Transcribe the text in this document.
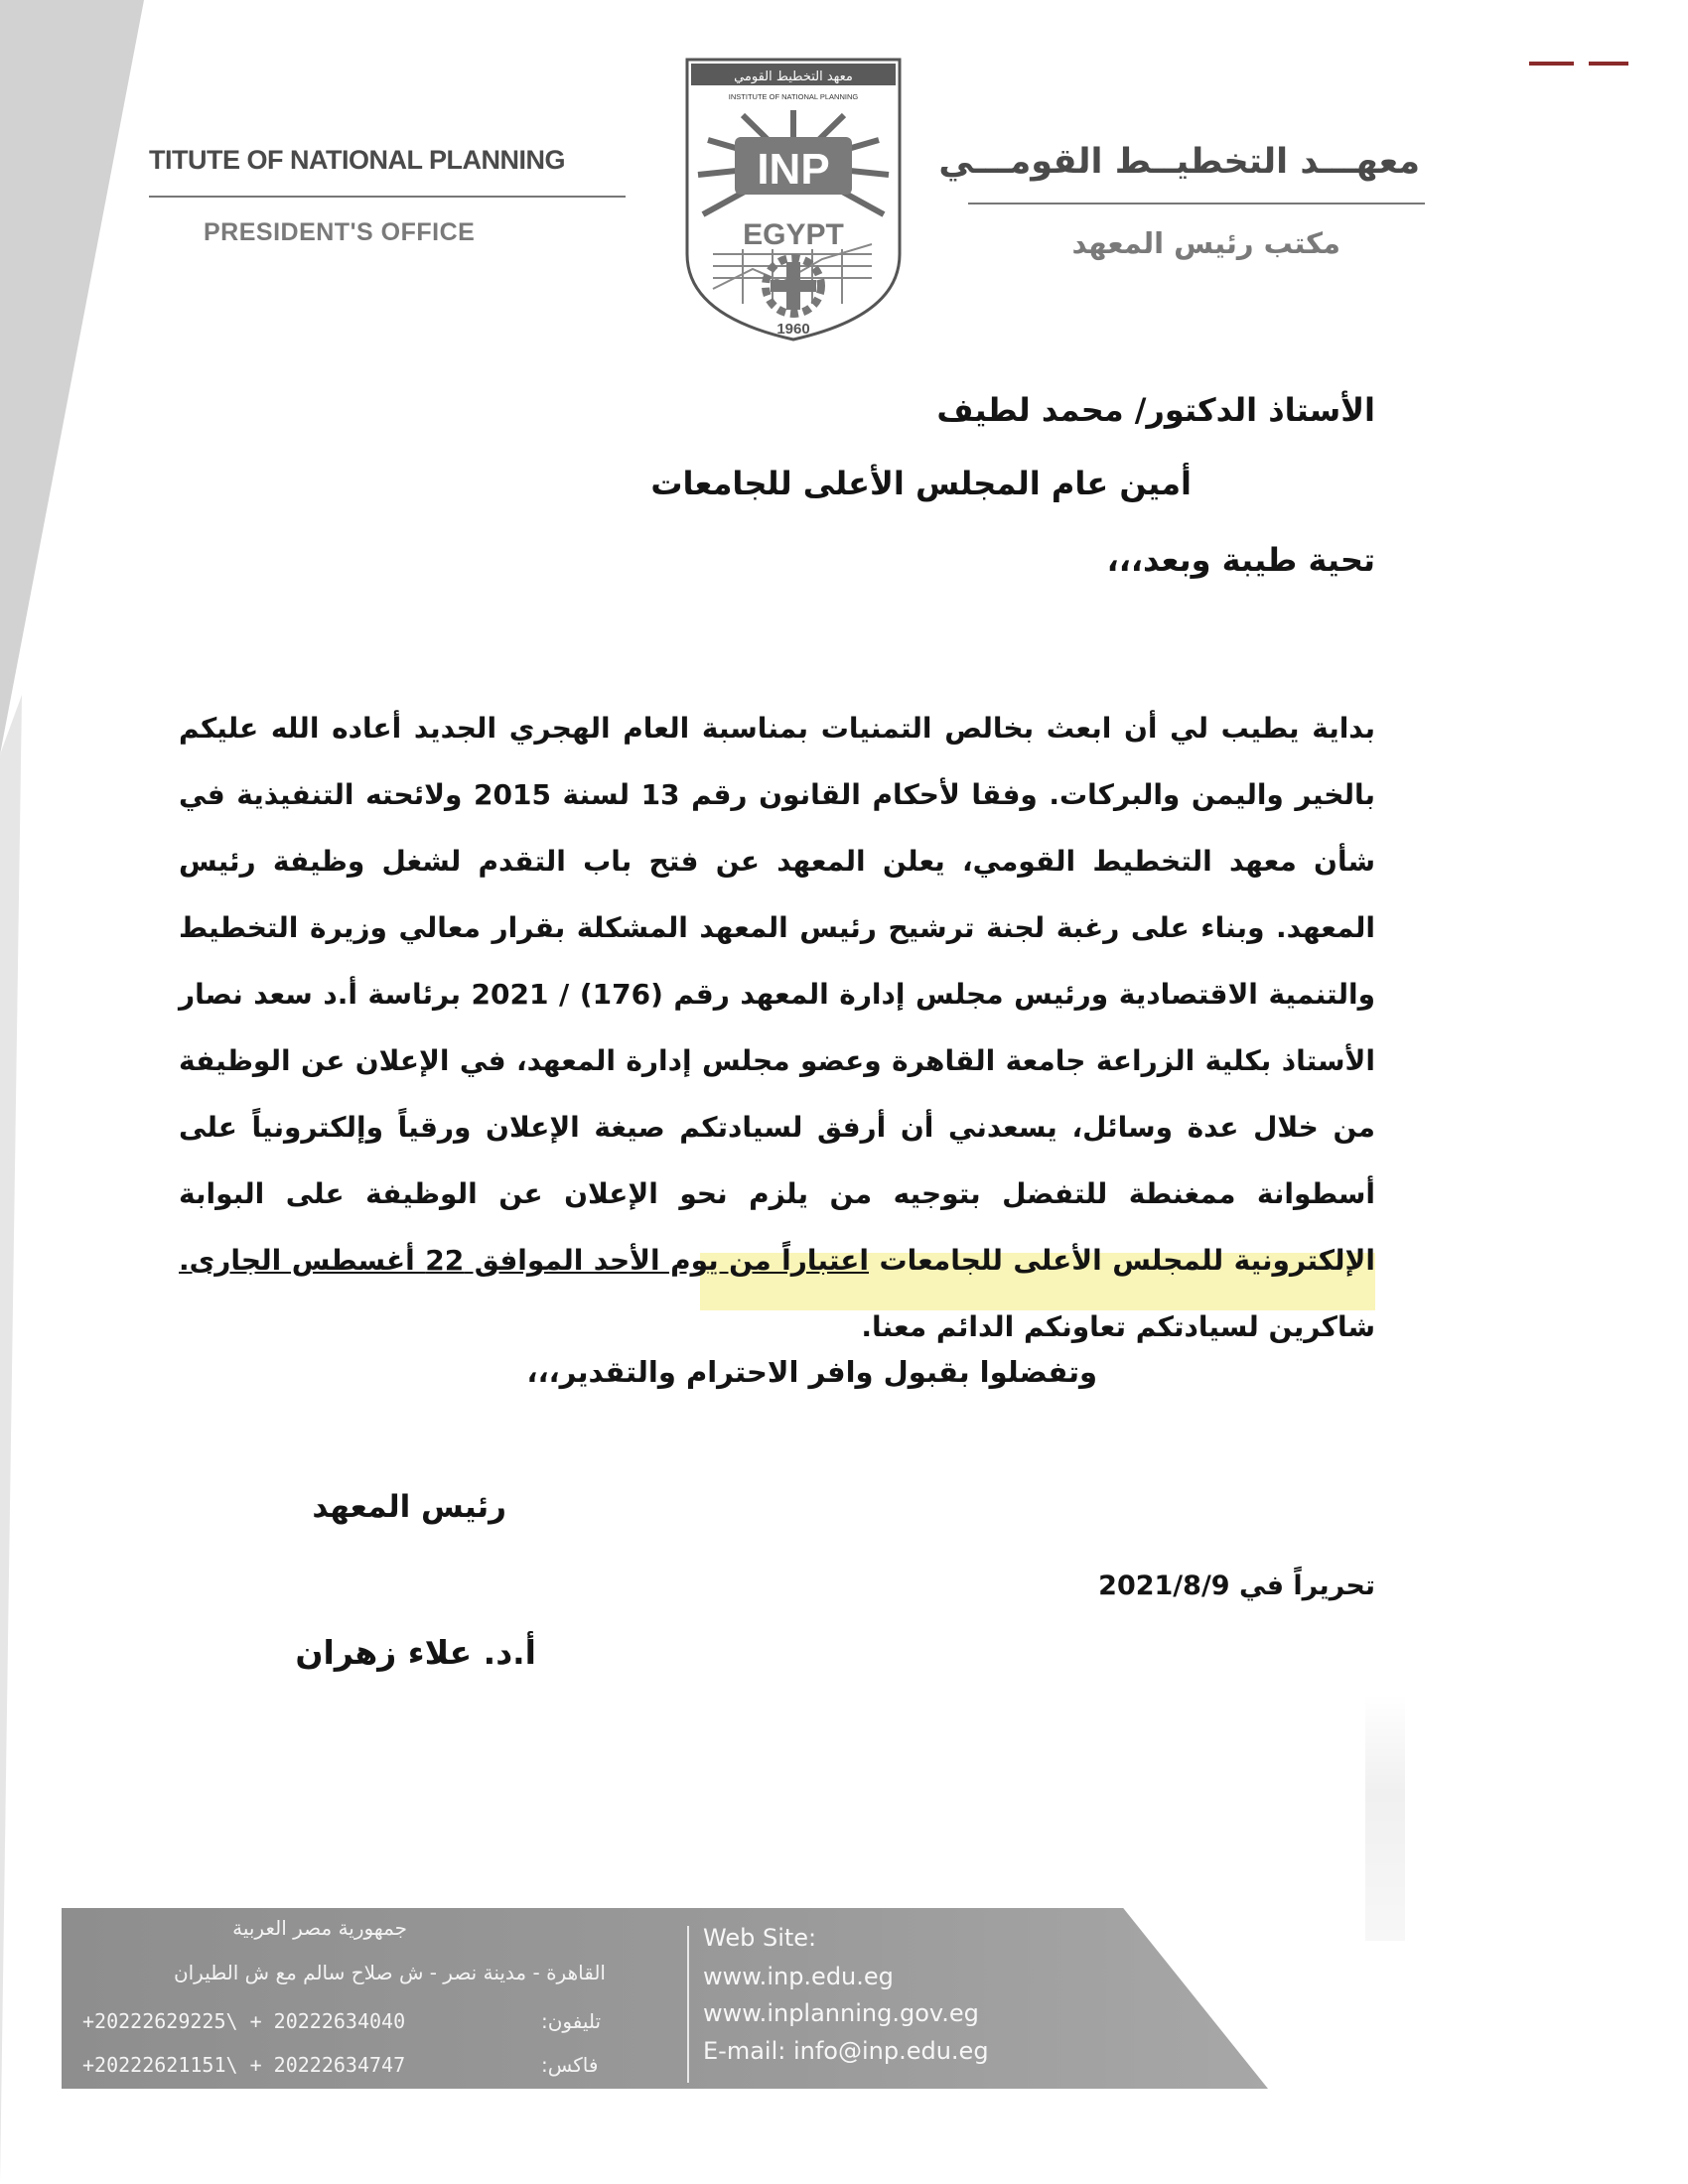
TITUTE OF NATIONAL PLANNING
PRESIDENT'S OFFICE
معهـــد التخطيــط القومـــي
مكتب رئيس المعهد
معهد التخطيط القومي
INSTITUTE OF NATIONAL PLANNING
INP
EGYPT
1960
الأستاذ الدكتور/ محمد لطيف
أمين عام المجلس الأعلى للجامعات
تحية طيبة وبعد،،،
بداية يطيب لي أن ابعث بخالص التمنيات بمناسبة العام الهجري الجديد أعاده الله عليكم بالخير واليمن والبركات. وفقا لأحكام القانون رقم 13 لسنة 2015 ولائحته التنفيذية في شأن معهد التخطيط القومي، يعلن المعهد عن فتح باب التقدم لشغل وظيفة رئيس المعهد. وبناء على رغبة لجنة ترشيح رئيس المعهد المشكلة بقرار معالي وزيرة التخطيط والتنمية الاقتصادية ورئيس مجلس إدارة المعهد رقم (176) / 2021 برئاسة أ.د سعد نصار الأستاذ بكلية الزراعة جامعة القاهرة وعضو مجلس إدارة المعهد، في الإعلان عن الوظيفة من خلال عدة وسائل، يسعدني أن أرفق لسيادتكم صيغة الإعلان ورقياً وإلكترونياً على أسطوانة ممغنطة للتفضل بتوجيه من يلزم نحو الإعلان عن الوظيفة على البوابة الإلكترونية للمجلس الأعلى للجامعات اعتباراً من يوم الأحد الموافق 22 أغسطس الجارى. شاكرين لسيادتكم تعاونكم الدائم معنا.
وتفضلوا بقبول وافر الاحترام والتقدير،،،
رئيس المعهد
تحريراً في 2021/8/9
أ.د. علاء زهران
جمهورية مصر العربية
القاهرة - مدينة نصر - ش صلاح سالم مع ش الطيران
تليفون:
+20222629225\ + 20222634040
فاكس:
+20222621151\ + 20222634747
Web Site:
www.inp.edu.eg
www.inplanning.gov.eg
E-mail: info@inp.edu.eg
